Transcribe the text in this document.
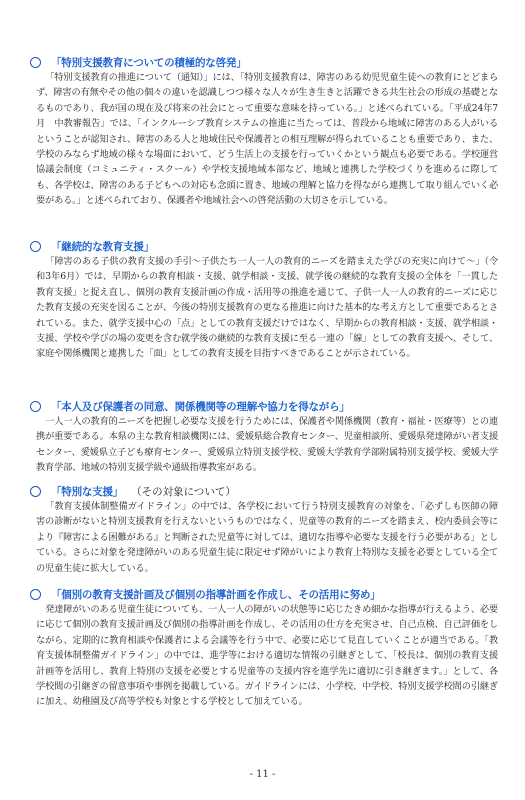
「特別支援教育についての積極的な啓発」
「特別支援教育の推進について（通知）」には、「特別支援教育は、障害のある幼児児童生徒への教育にとどまらず、障害の有無やその他の個々の違いを認識しつつ様々な人々が生き生きと活躍できる共生社会の形成の基礎となるものであり、我が国の現在及び将来の社会にとって重要な意味を持っている。」と述べられている。「平成24年7月　中教審報告」では、「インクルーシブ教育システムの推進に当たっては、普段から地域に障害のある人がいるということが認知され、障害のある人と地域住民や保護者との相互理解が得られていることも重要であり、また、学校のみならず地域の様々な場面において、どう生活上の支援を行っていくかという観点も必要である。学校運営協議会制度（コミュニティ・スクール）や学校支援地域本部など、地域と連携した学校づくりを進めるに際しても、各学校は、障害のある子どもへの対応も念頭に置き、地域の理解と協力を得ながら連携して取り組んでいく必要がある。」と述べられており、保護者や地域社会への啓発活動の大切さを示している。
「継続的な教育支援」
「障害のある子供の教育支援の手引～子供たち一人一人の教育的ニーズを踏まえた学びの充実に向けて～」（令和3年6月）では、早期からの教育相談・支援、就学相談・支援、就学後の継続的な教育支援の全体を「一貫した教育支援」と捉え直し、個別の教育支援計画の作成・活用等の推進を通じて、子供一人一人の教育的ニーズに応じた教育支援の充実を図ることが、今後の特別支援教育の更なる推進に向けた基本的な考え方として重要であるとされている。また、就学支援中心の「点」としての教育支援だけではなく、早期からの教育相談・支援、就学相談・支援、学校や学びの場の変更を含む就学後の継続的な教育支援に至る一連の「線」としての教育支援へ、そして、家庭や関係機関と連携した「面」としての教育支援を目指すべきであることが示されている。
「本人及び保護者の同意、関係機関等の理解や協力を得ながら」
一人一人の教育的ニーズを把握し必要な支援を行うためには、保護者や関係機関（教育・福祉・医療等）との連携が重要である。本県の主な教育相談機関には、愛媛県総合教育センター、児童相談所、愛媛県発達障がい者支援センター、愛媛県立子ども療育センター、愛媛県立特別支援学校、愛媛大学教育学部附属特別支援学校、愛媛大学教育学部、地域の特別支援学級や通級指導教室がある。
「特別な支援」 （その対象について）
「教育支援体制整備ガイドライン」の中では、各学校において行う特別支援教育の対象を、「必ずしも医師の障害の診断がないと特別支援教育を行えないというものではなく、児童等の教育的ニーズを踏まえ、校内委員会等により『障害による困難がある』と判断された児童等に対しては、適切な指導や必要な支援を行う必要がある」としている。さらに対象を発達障がいのある児童生徒に限定せず障がいにより教育上特別な支援を必要としている全ての児童生徒に拡大している。
「個別の教育支援計画及び個別の指導計画を作成し、その活用に努め」
発達障がいのある児童生徒についても、一人一人の障がいの状態等に応じたきめ細かな指導が行えるよう、必要に応じて個別の教育支援計画及び個別の指導計画を作成し、その活用の仕方を充実させ、自己点検、自己評価をしながら、定期的に教育相談や保護者による会議等を行う中で、必要に応じて見直していくことが適当である。「教育支援体制整備ガイドライン」の中では、進学等における適切な情報の引継ぎとして、「校長は、個別の教育支援計画等を活用し、教育上特別の支援を必要とする児童等の支援内容を進学先に適切に引き継ぎます。」として、各学校間の引継ぎの留意事項や事例を掲載している。ガイドラインには、小学校、中学校、特別支援学校間の引継ぎに加え、幼稚園及び高等学校も対象とする学校として加えている。
- 11 -
